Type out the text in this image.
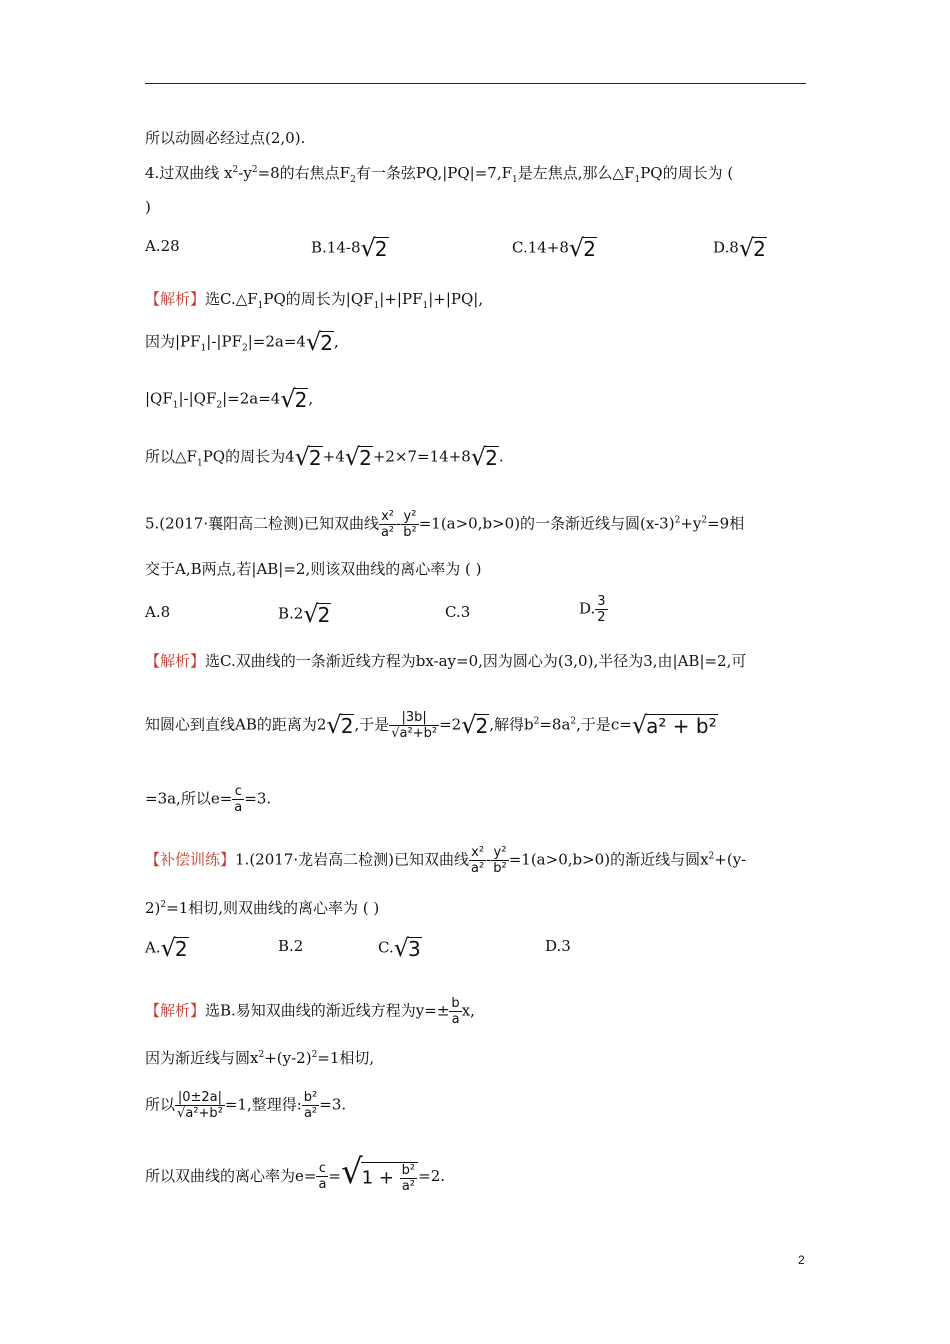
所以动圆必经过点(2,0).
4.过双曲线 $x^2-y^2=8$的右焦点$F_2$有一条弦$PQ,|PQ|=7,F_1$是左焦点,那么$\triangle F_1PQ$的周长为 (
)
A.28	B.14-8√2	C.14+8√2	D.8√2
【解析】选$C.\triangle F_1PQ$的周长为$|QF_1|+|PF_1|+|PQ|$,
因为$|PF_1|-|PF_2|=2a=4√2$,
$|QF_1|-|QF_2|=2a=4√2$,
所以$\triangle F_1PQ$的周长为4√2+4√2+2×7=14+8√2.
5.(2017·襄阳高二检测)已知双曲线 $\frac{\text{x²}}{\text{a²}} - \frac{\text{y²}}{\text{b²}} =1(a>0,b>0)$的一条渐近线与圆$(x-3)^2+y^2=9$相
交于A,B两点,若|AB|=2,则该双曲线的离心率为 ( )
A.8	B.2√2	C.3	D. $\frac{3}{2}$
【解析】选C.双曲线的一条渐近线方程为bx-ay=0,因为圆心为(3,0),半径为3,由|AB|=2,可
知圆心到直线AB的距离为2√2,于是 $\frac{|3b|}{\text{√a²+b²}} =2√2$,解得$b^2=8a^2$,于是c=√a² + b²
=3a,所以$e= \frac{c}{a} =3$.
【补偿训练】1.(2017·龙岩高二检测)已知双曲线 $\frac{\text{x²}}{\text{a²}} - \frac{\text{y²}}{\text{b²}} =1(a>0,b>0)$的渐近线与圆$x^2+(y-$
2)$^2$=1相切,则双曲线的离心率为 ( )
A.√2	B.2	C.√3	D.3
【解析】选B.易知双曲线的渐近线方程为$y=\pm \frac{b}{a} x$,
因为渐近线与圆$x^2+(y-2)^2=1$相切,
所以 $\frac{|0\pm 2a|}{\text{√a²+b²}} =1$,整理得: $\frac{\text{b²}}{\text{a²}} =3$.
所以双曲线的离心率为$e= \frac{c}{a} =√1 + \frac{\text{b²}}{\text{a²}} =2$.
2
